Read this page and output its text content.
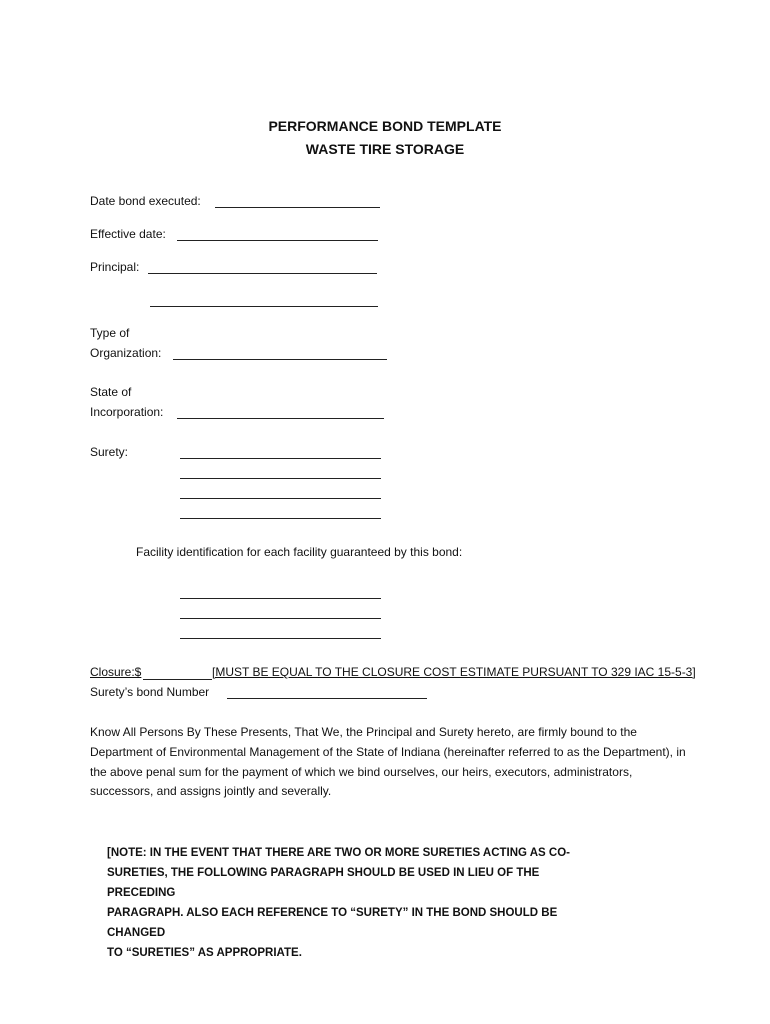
PERFORMANCE BOND TEMPLATE
WASTE TIRE STORAGE
Date bond executed:
Effective date:
Principal:
Type of
Organization:
State of
Incorporation:
Surety:
Facility identification for each facility guaranteed by this bond:
Closure:$	[MUST BE EQUAL TO THE CLOSURE COST ESTIMATE PURSUANT TO 329 IAC 15-5-3]
Surety’s bond Number
Know All Persons By These Presents, That We, the Principal and Surety hereto, are firmly bound to the Department of Environmental Management of the State of Indiana (hereinafter referred to as the Department), in the above penal sum for the payment of which we bind ourselves, our heirs, executors, administrators, successors, and assigns jointly and severally.
[NOTE: IN THE EVENT THAT THERE ARE TWO OR MORE SURETIES ACTING AS CO-
SURETIES, THE FOLLOWING PARAGRAPH SHOULD BE USED IN LIEU OF THE PRECEDING
PARAGRAPH. ALSO EACH REFERENCE TO “SURETY” IN THE BOND SHOULD BE CHANGED
TO “SURETIES” AS APPROPRIATE.
